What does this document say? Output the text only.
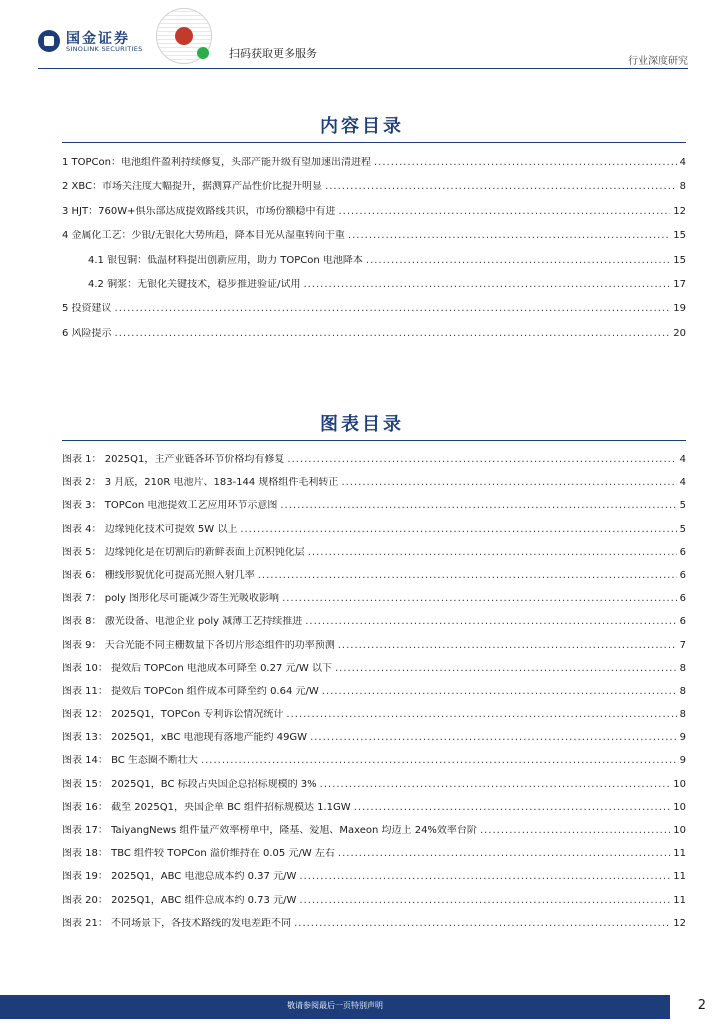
国金证券
SINOLINK SECURITIES	扫码获取更多服务
行业深度研究
内容目录
1 TOPCon：电池组件盈利持续修复，头部产能升级有望加速出清进程 .....	4
2 XBC：市场关注度大幅提升，据测算产品性价比提升明显 .....	8
3 HJT：760W+俱乐部达成提效路线共识，市场份额稳中有进 .....	12
4 金属化工艺：少银/无银化大势所趋，降本目光从湿重转向干重 .....	15
4.1 银包铜：低温材料提出创新应用，助力 TOPCon 电池降本 .....	15
4.2 铜浆：无银化关键技术，稳步推进验证/试用 .....	17
5 投资建议 .....	19
6 风险提示 .....	20
图表目录
图表 1： 2025Q1，主产业链各环节价格均有修复 .....	4
图表 2： 3 月底，210R 电池片、183-144 规格组件毛利转正 .....	4
图表 3： TOPCon 电池提效工艺应用环节示意图 .....	5
图表 4： 边缘钝化技术可提效 5W 以上 .....	5
图表 5： 边缘钝化是在切割后的新鲜表面上沉积钝化层 .....	6
图表 6： 栅线形貌优化可提高光照入射几率 .....	6
图表 7： poly 图形化尽可能减少寄生光吸收影响 .....	6
图表 8： 激光设备、电池企业 poly 减薄工艺持续推进 .....	6
图表 9： 天合光能不同主栅数量下各切片形态组件的功率预测 .....	7
图表 10： 提效后 TOPCon 电池成本可降至 0.27 元/W 以下 .....	8
图表 11： 提效后 TOPCon 组件成本可降至约 0.64 元/W .....	8
图表 12： 2025Q1，TOPCon 专利诉讼情况统计 .....	8
图表 13： 2025Q1，xBC 电池现有落地产能约 49GW .....	9
图表 14： BC 生态圈不断壮大 .....	9
图表 15： 2025Q1，BC 标段占央国企总招标规模的 3% .....	10
图表 16： 截至 2025Q1，央国企单 BC 组件招标规模达 1.1GW .....	10
图表 17： TaiyangNews 组件量产效率榜单中，隆基、爱旭、Maxeon 均迈上 24%效率台阶 .....	10
图表 18： TBC 组件较 TOPCon 溢价维持在 0.05 元/W 左右 .....	11
图表 19： 2025Q1，ABC 电池总成本约 0.37 元/W .....	11
图表 20： 2025Q1，ABC 组件总成本约 0.73 元/W .....	11
图表 21： 不同场景下，各技术路线的发电差距不同 .....	12
敬请参阅最后一页特别声明	2
